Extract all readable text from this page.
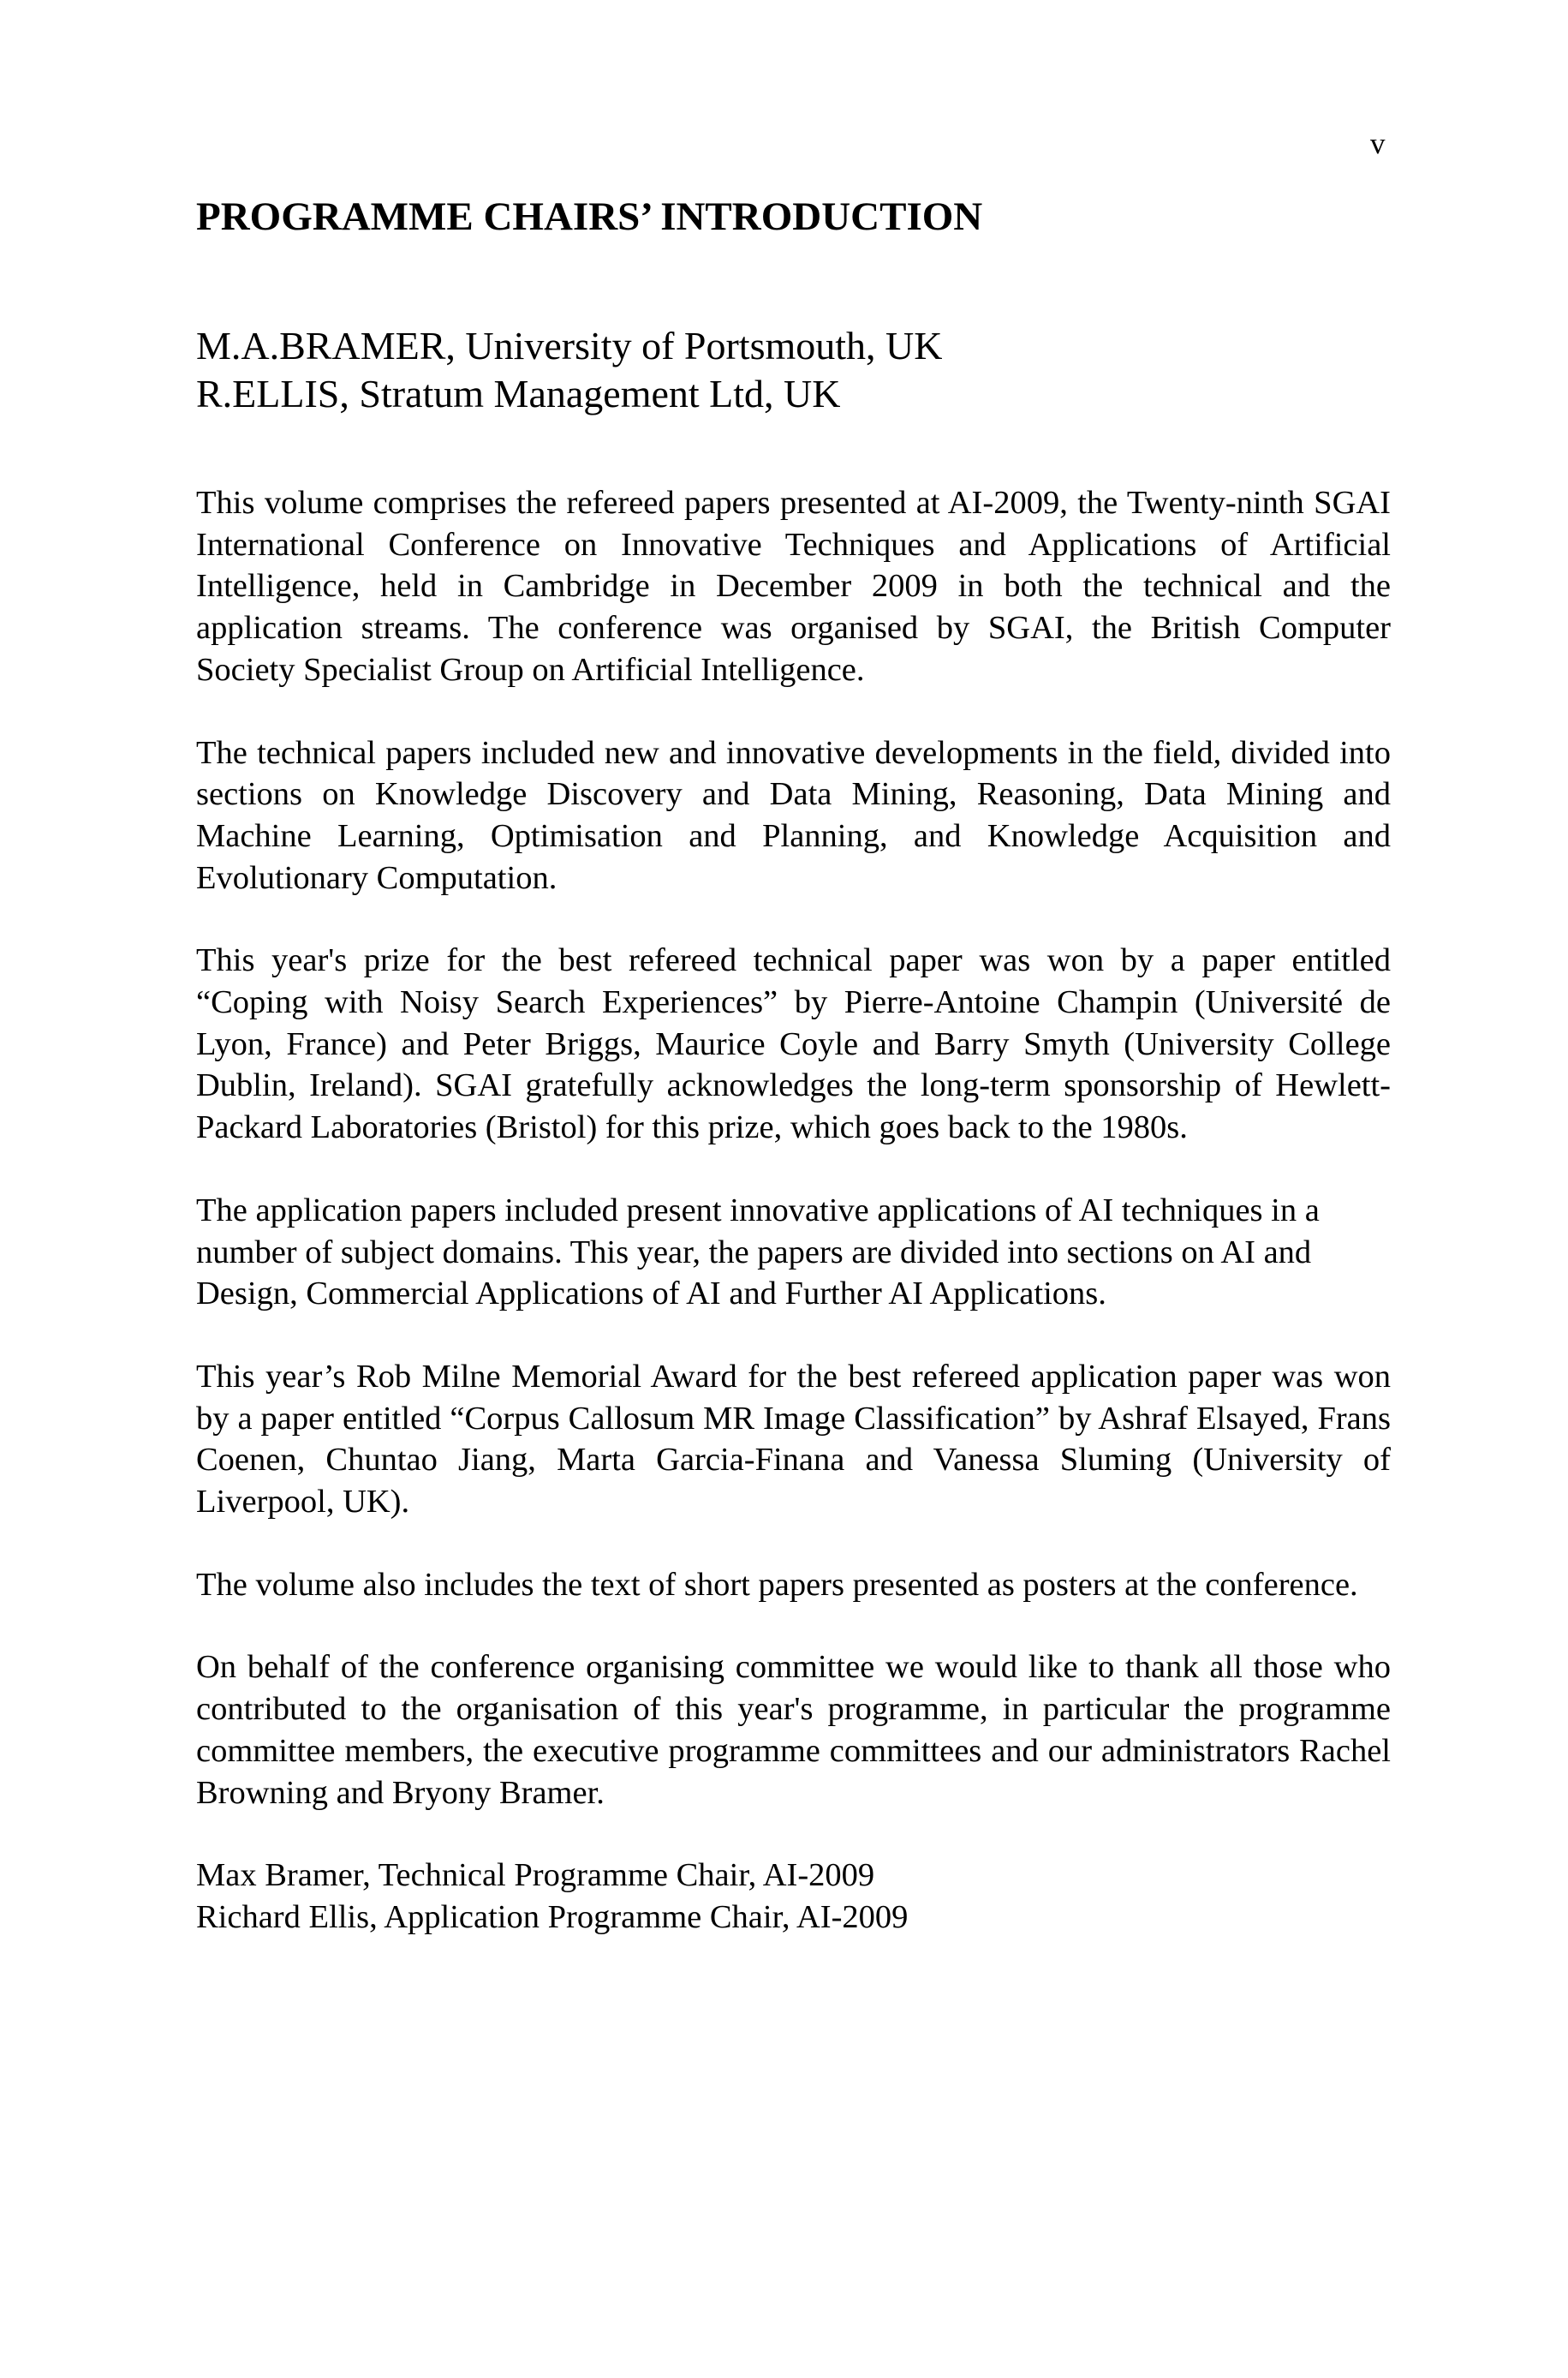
v
PROGRAMME CHAIRS’ INTRODUCTION
M.A.BRAMER, University of Portsmouth, UK
R.ELLIS, Stratum Management Ltd, UK

This volume comprises the refereed papers presented at AI-2009, the Twenty-ninth SGAI International Conference on Innovative Techniques and Applications of Artificial Intelligence, held in Cambridge in December 2009 in both the technical and the application streams. The conference was organised by SGAI, the British Computer Society Specialist Group on Artificial Intelligence.

The technical papers included new and innovative developments in the field, divided into sections on Knowledge Discovery and Data Mining, Reasoning, Data Mining and Machine Learning, Optimisation and Planning, and Knowledge Acquisition and Evolutionary Computation.

This year's prize for the best refereed technical paper was won by a paper entitled “Coping with Noisy Search Experiences” by Pierre-Antoine Champin (Université de Lyon, France) and Peter Briggs, Maurice Coyle and Barry Smyth (University College Dublin, Ireland). SGAI gratefully acknowledges the long-term sponsorship of Hewlett-Packard Laboratories (Bristol) for this prize, which goes back to the 1980s.

The application papers included present innovative applications of AI techniques in a number of subject domains. This year, the papers are divided into sections on AI and Design, Commercial Applications of AI and Further AI Applications.

This year’s Rob Milne Memorial Award for the best refereed application paper was won by a paper entitled “Corpus Callosum MR Image Classification” by Ashraf Elsayed, Frans Coenen, Chuntao Jiang, Marta Garcia-Finana and Vanessa Sluming (University of Liverpool, UK).

The volume also includes the text of short papers presented as posters at the conference.

On behalf of the conference organising committee we would like to thank all those who contributed to the organisation of this year's programme, in particular the programme committee members, the executive programme committees and our administrators Rachel Browning and Bryony Bramer.

Max Bramer, Technical Programme Chair, AI-2009
Richard Ellis, Application Programme Chair, AI-2009
